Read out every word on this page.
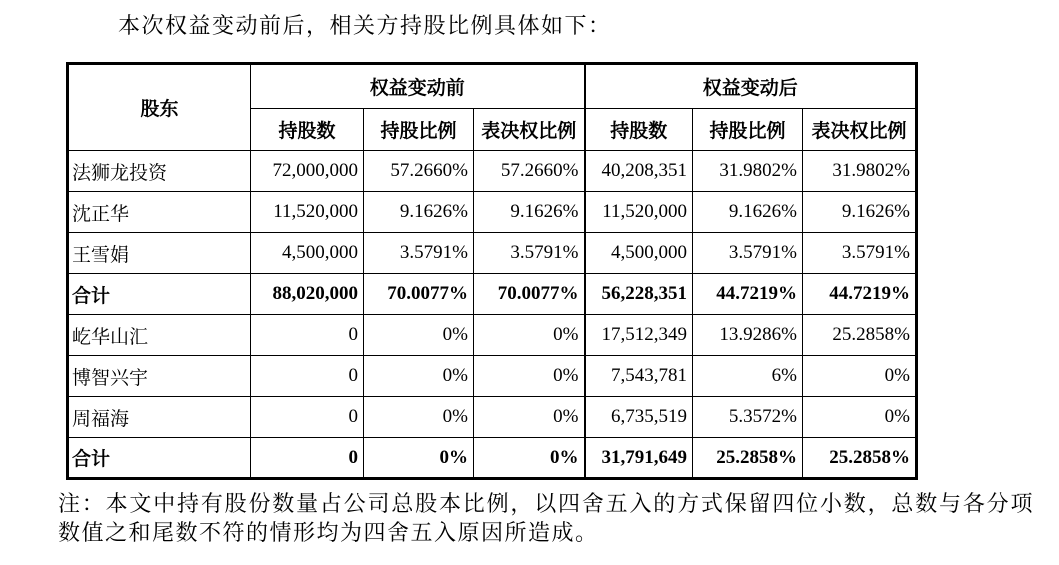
本次权益变动前后，相关方持股比例具体如下：
股东	权益变动前			权益变动后		
	持股数	持股比例	表决权比例	持股数	持股比例	表决权比例
法狮龙投资	72,000,000	57.2660%	57.2660%	40,208,351	31.9802%	31.9802%
沈正华	11,520,000	9.1626%	9.1626%	11,520,000	9.1626%	9.1626%
王雪娟	4,500,000	3.5791%	3.5791%	4,500,000	3.5791%	3.5791%
合计	88,020,000	70.0077%	70.0077%	56,228,351	44.7219%	44.7219%
屹华山汇	0	0%	0%	17,512,349	13.9286%	25.2858%
博智兴宇	0	0%	0%	7,543,781	6%	0%
周福海	0	0%	0%	6,735,519	5.3572%	0%
合计	0	0%	0%	31,791,649	25.2858%	25.2858%
注：本文中持有股份数量占公司总股本比例，以四舍五入的方式保留四位小数，总数与各分项数值之和尾数不符的情形均为四舍五入原因所造成。
